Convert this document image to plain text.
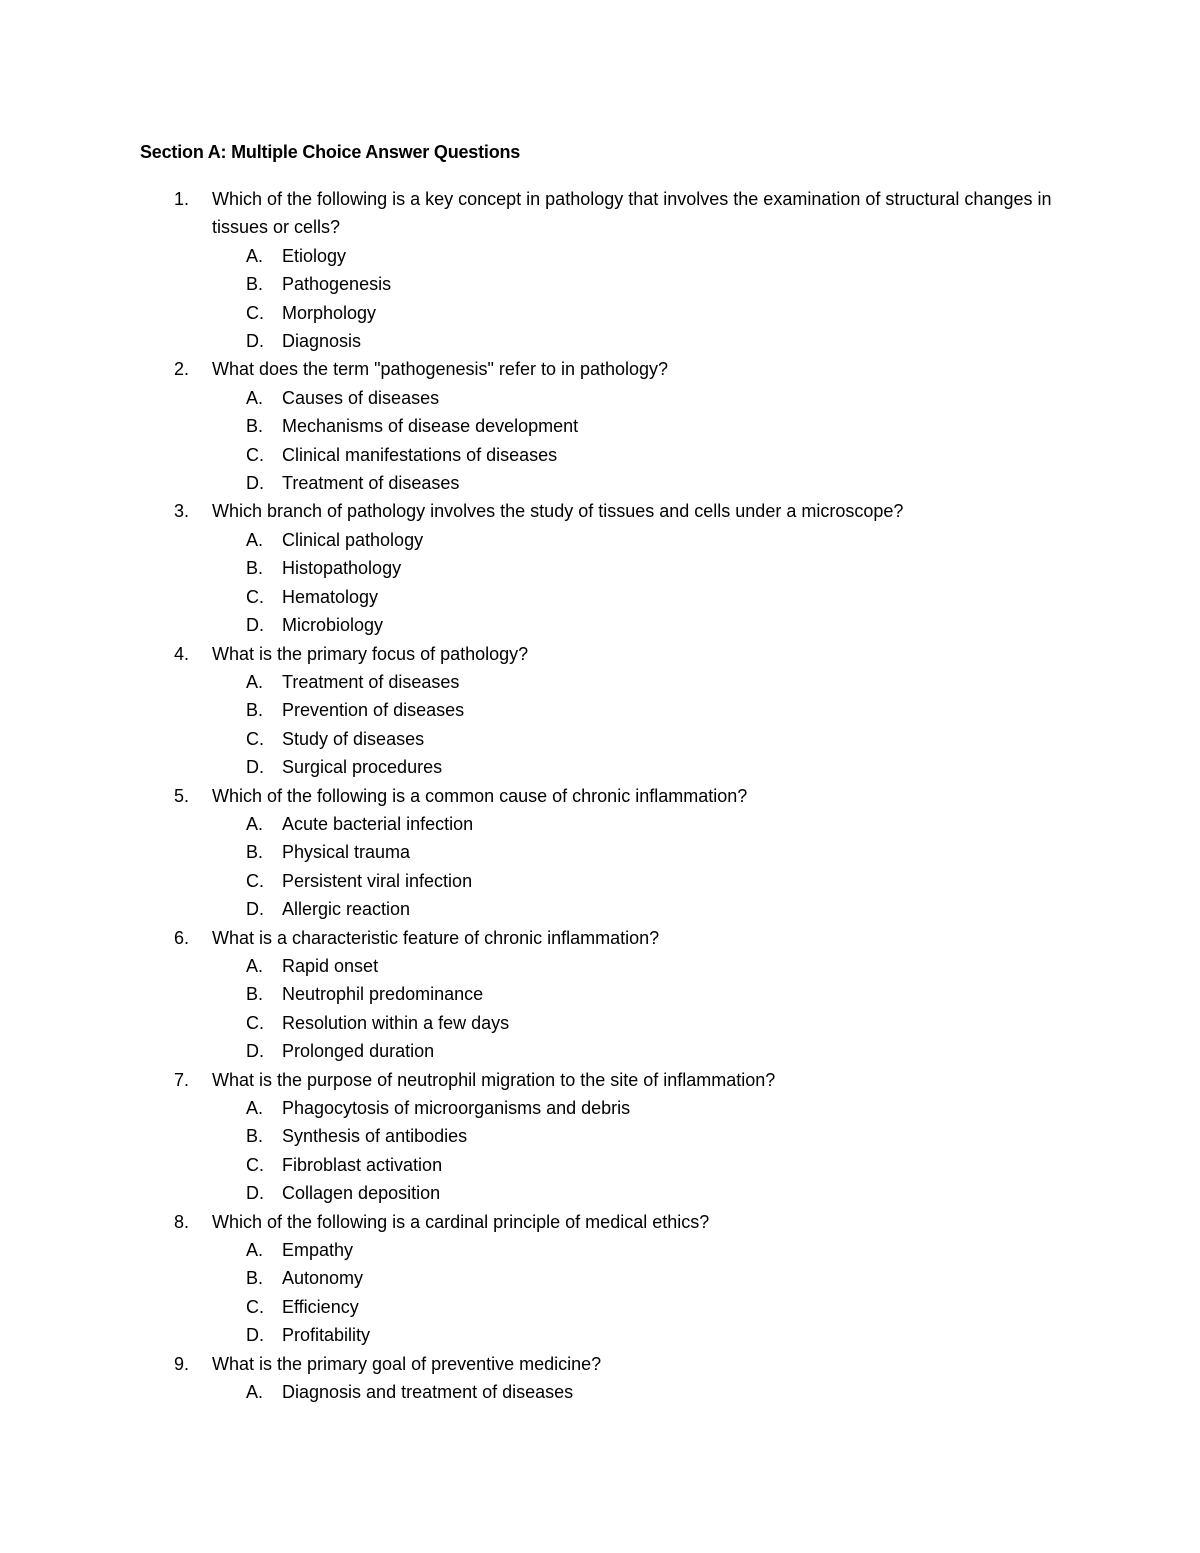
Section A: Multiple Choice Answer Questions
1. Which of the following is a key concept in pathology that involves the examination of structural changes in tissues or cells?
A. Etiology
B. Pathogenesis
C. Morphology
D. Diagnosis
2. What does the term "pathogenesis" refer to in pathology?
A. Causes of diseases
B. Mechanisms of disease development
C. Clinical manifestations of diseases
D. Treatment of diseases
3. Which branch of pathology involves the study of tissues and cells under a microscope?
A. Clinical pathology
B. Histopathology
C. Hematology
D. Microbiology
4. What is the primary focus of pathology?
A. Treatment of diseases
B. Prevention of diseases
C. Study of diseases
D. Surgical procedures
5. Which of the following is a common cause of chronic inflammation?
A. Acute bacterial infection
B. Physical trauma
C. Persistent viral infection
D. Allergic reaction
6. What is a characteristic feature of chronic inflammation?
A. Rapid onset
B. Neutrophil predominance
C. Resolution within a few days
D. Prolonged duration
7. What is the purpose of neutrophil migration to the site of inflammation?
A. Phagocytosis of microorganisms and debris
B. Synthesis of antibodies
C. Fibroblast activation
D. Collagen deposition
8. Which of the following is a cardinal principle of medical ethics?
A. Empathy
B. Autonomy
C. Efficiency
D. Profitability
9. What is the primary goal of preventive medicine?
A. Diagnosis and treatment of diseases
